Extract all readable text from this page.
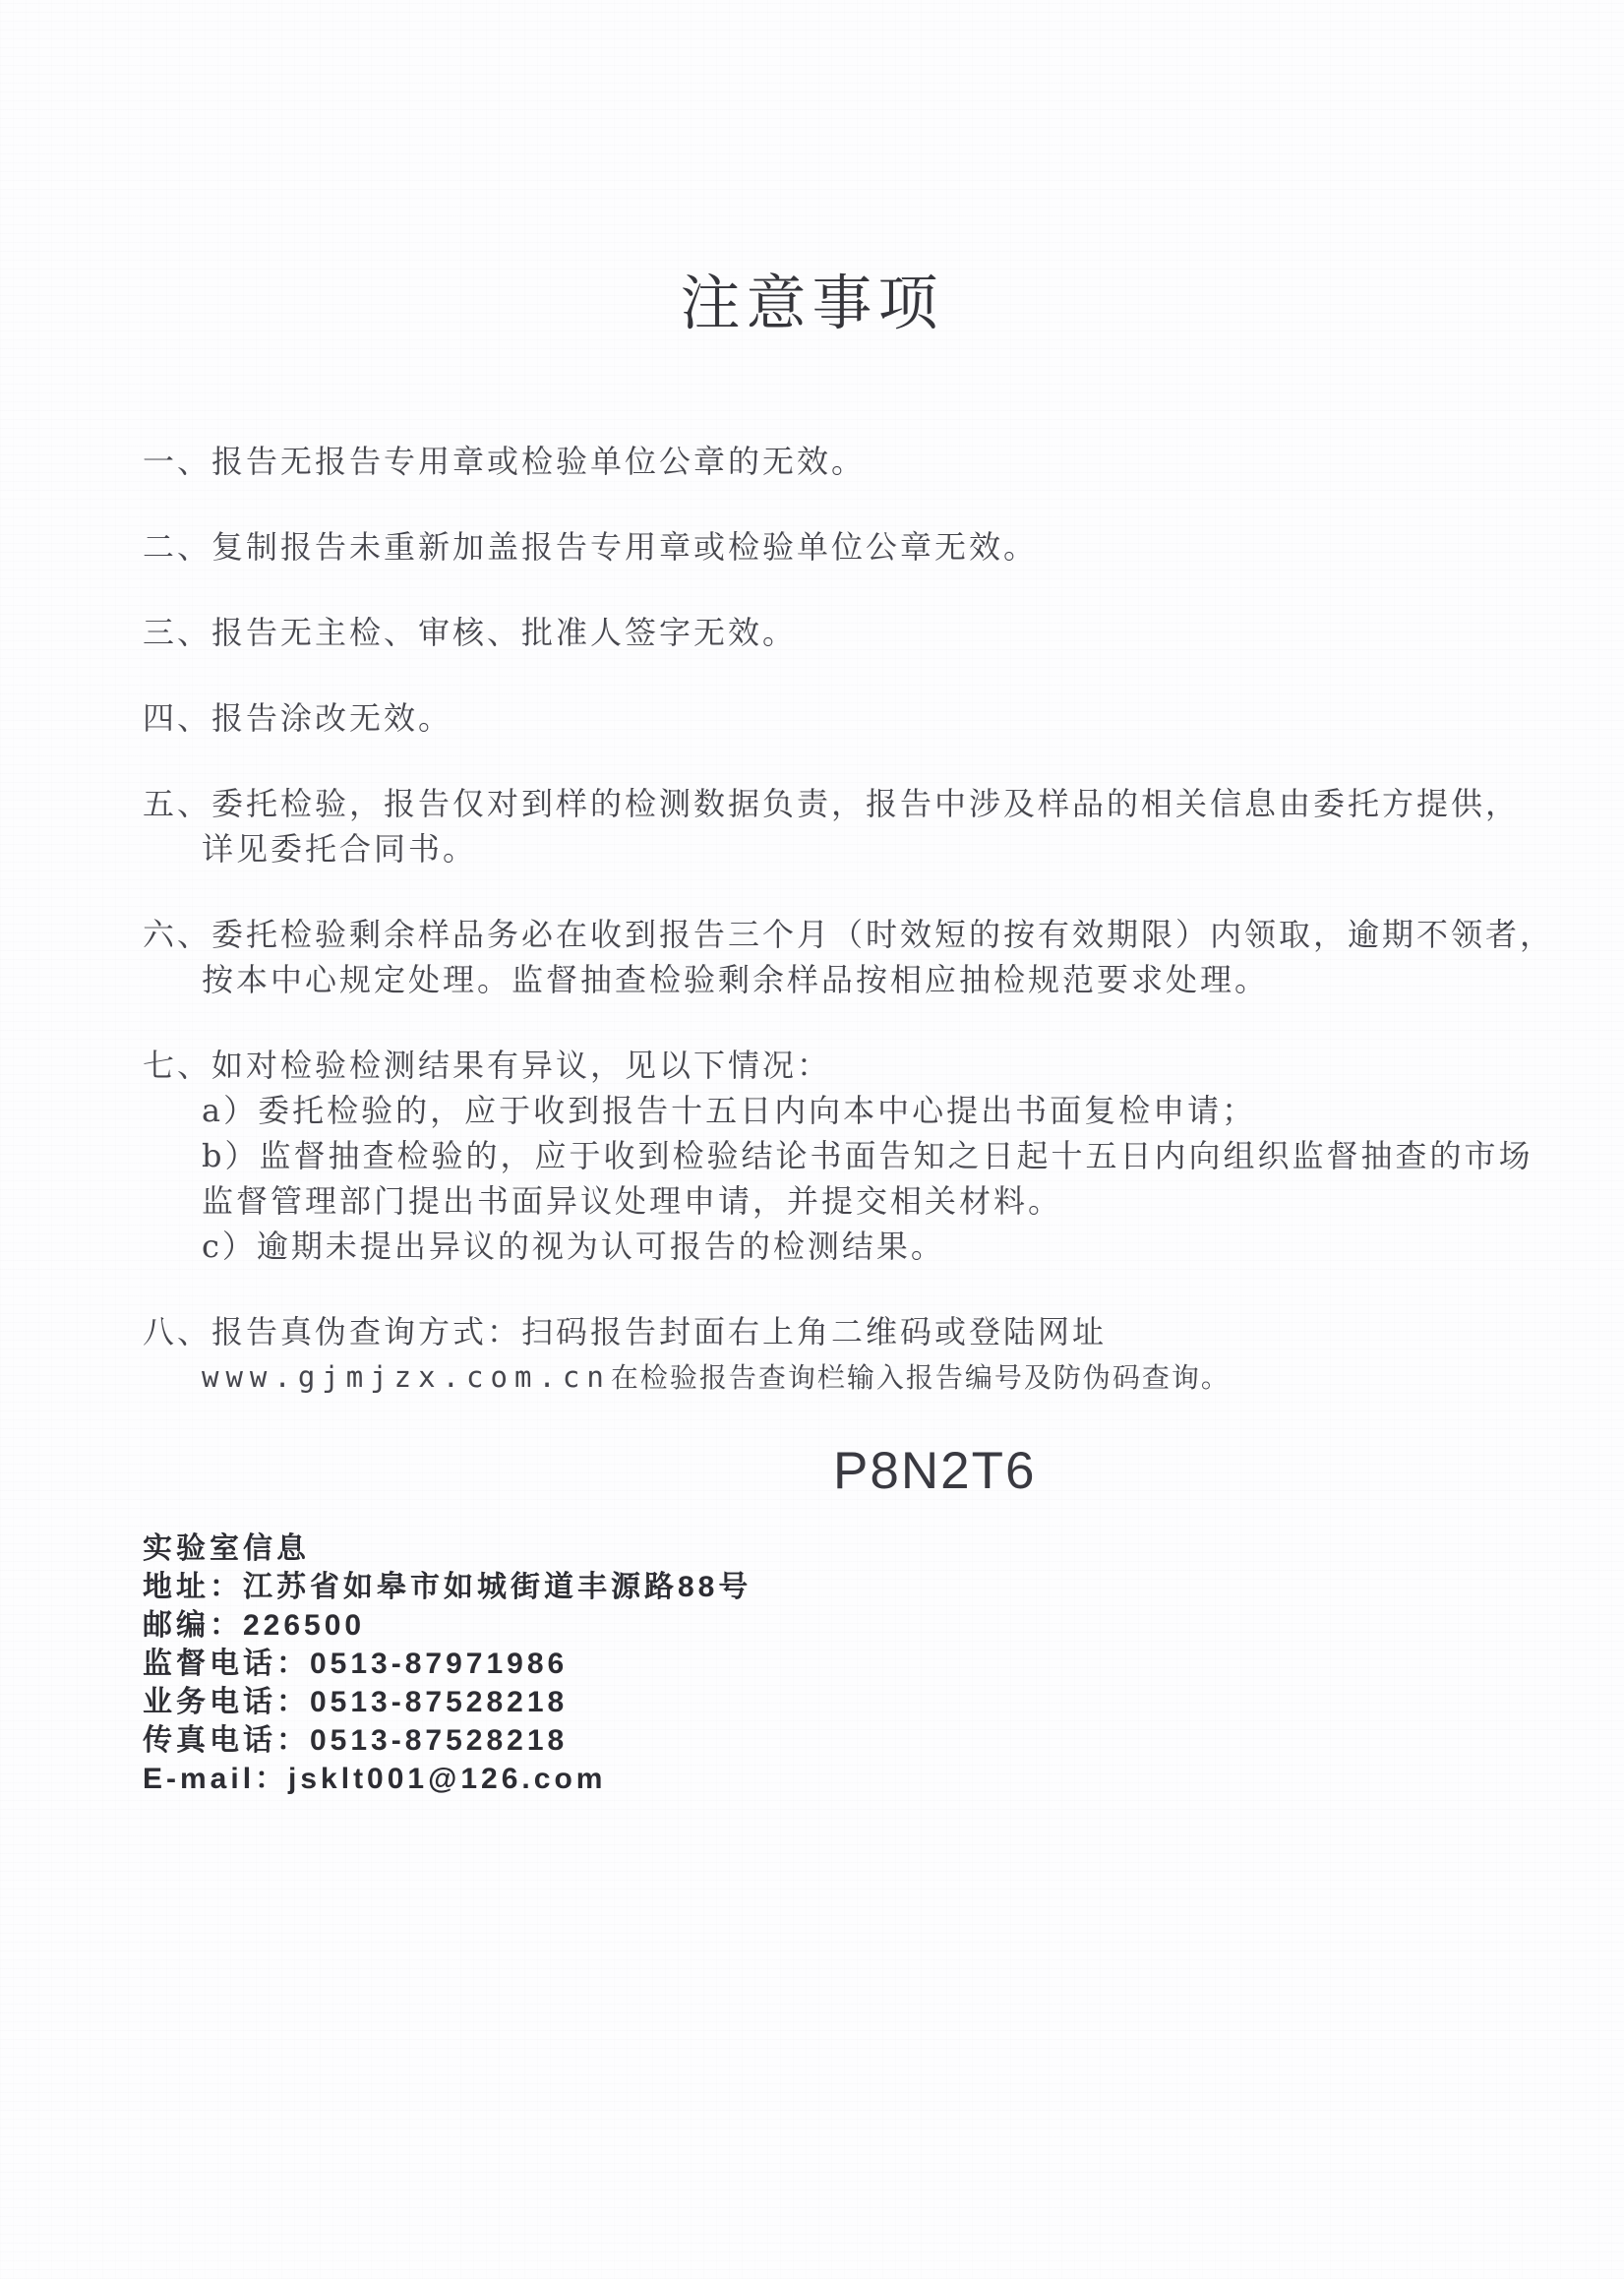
注意事项
一、报告无报告专用章或检验单位公章的无效。
二、复制报告未重新加盖报告专用章或检验单位公章无效。
三、报告无主检、审核、批准人签字无效。
四、报告涂改无效。
五、委托检验，报告仅对到样的检测数据负责，报告中涉及样品的相关信息由委托方提供，
详见委托合同书。
六、委托检验剩余样品务必在收到报告三个月（时效短的按有效期限）内领取，逾期不领者，
按本中心规定处理。监督抽查检验剩余样品按相应抽检规范要求处理。
七、如对检验检测结果有异议，见以下情况：
a）委托检验的，应于收到报告十五日内向本中心提出书面复检申请；
b）监督抽查检验的，应于收到检验结论书面告知之日起十五日内向组织监督抽查的市场
监督管理部门提出书面异议处理申请，并提交相关材料。
c）逾期未提出异议的视为认可报告的检测结果。
八、报告真伪查询方式：扫码报告封面右上角二维码或登陆网址
www.gjmjzx.com.cn在检验报告查询栏输入报告编号及防伪码查询。
P8N2T6
实验室信息
地址：江苏省如皋市如城街道丰源路88号
邮编：226500
监督电话：0513-87971986
业务电话：0513-87528218
传真电话：0513-87528218
E-mail：jsklt001@126.com
